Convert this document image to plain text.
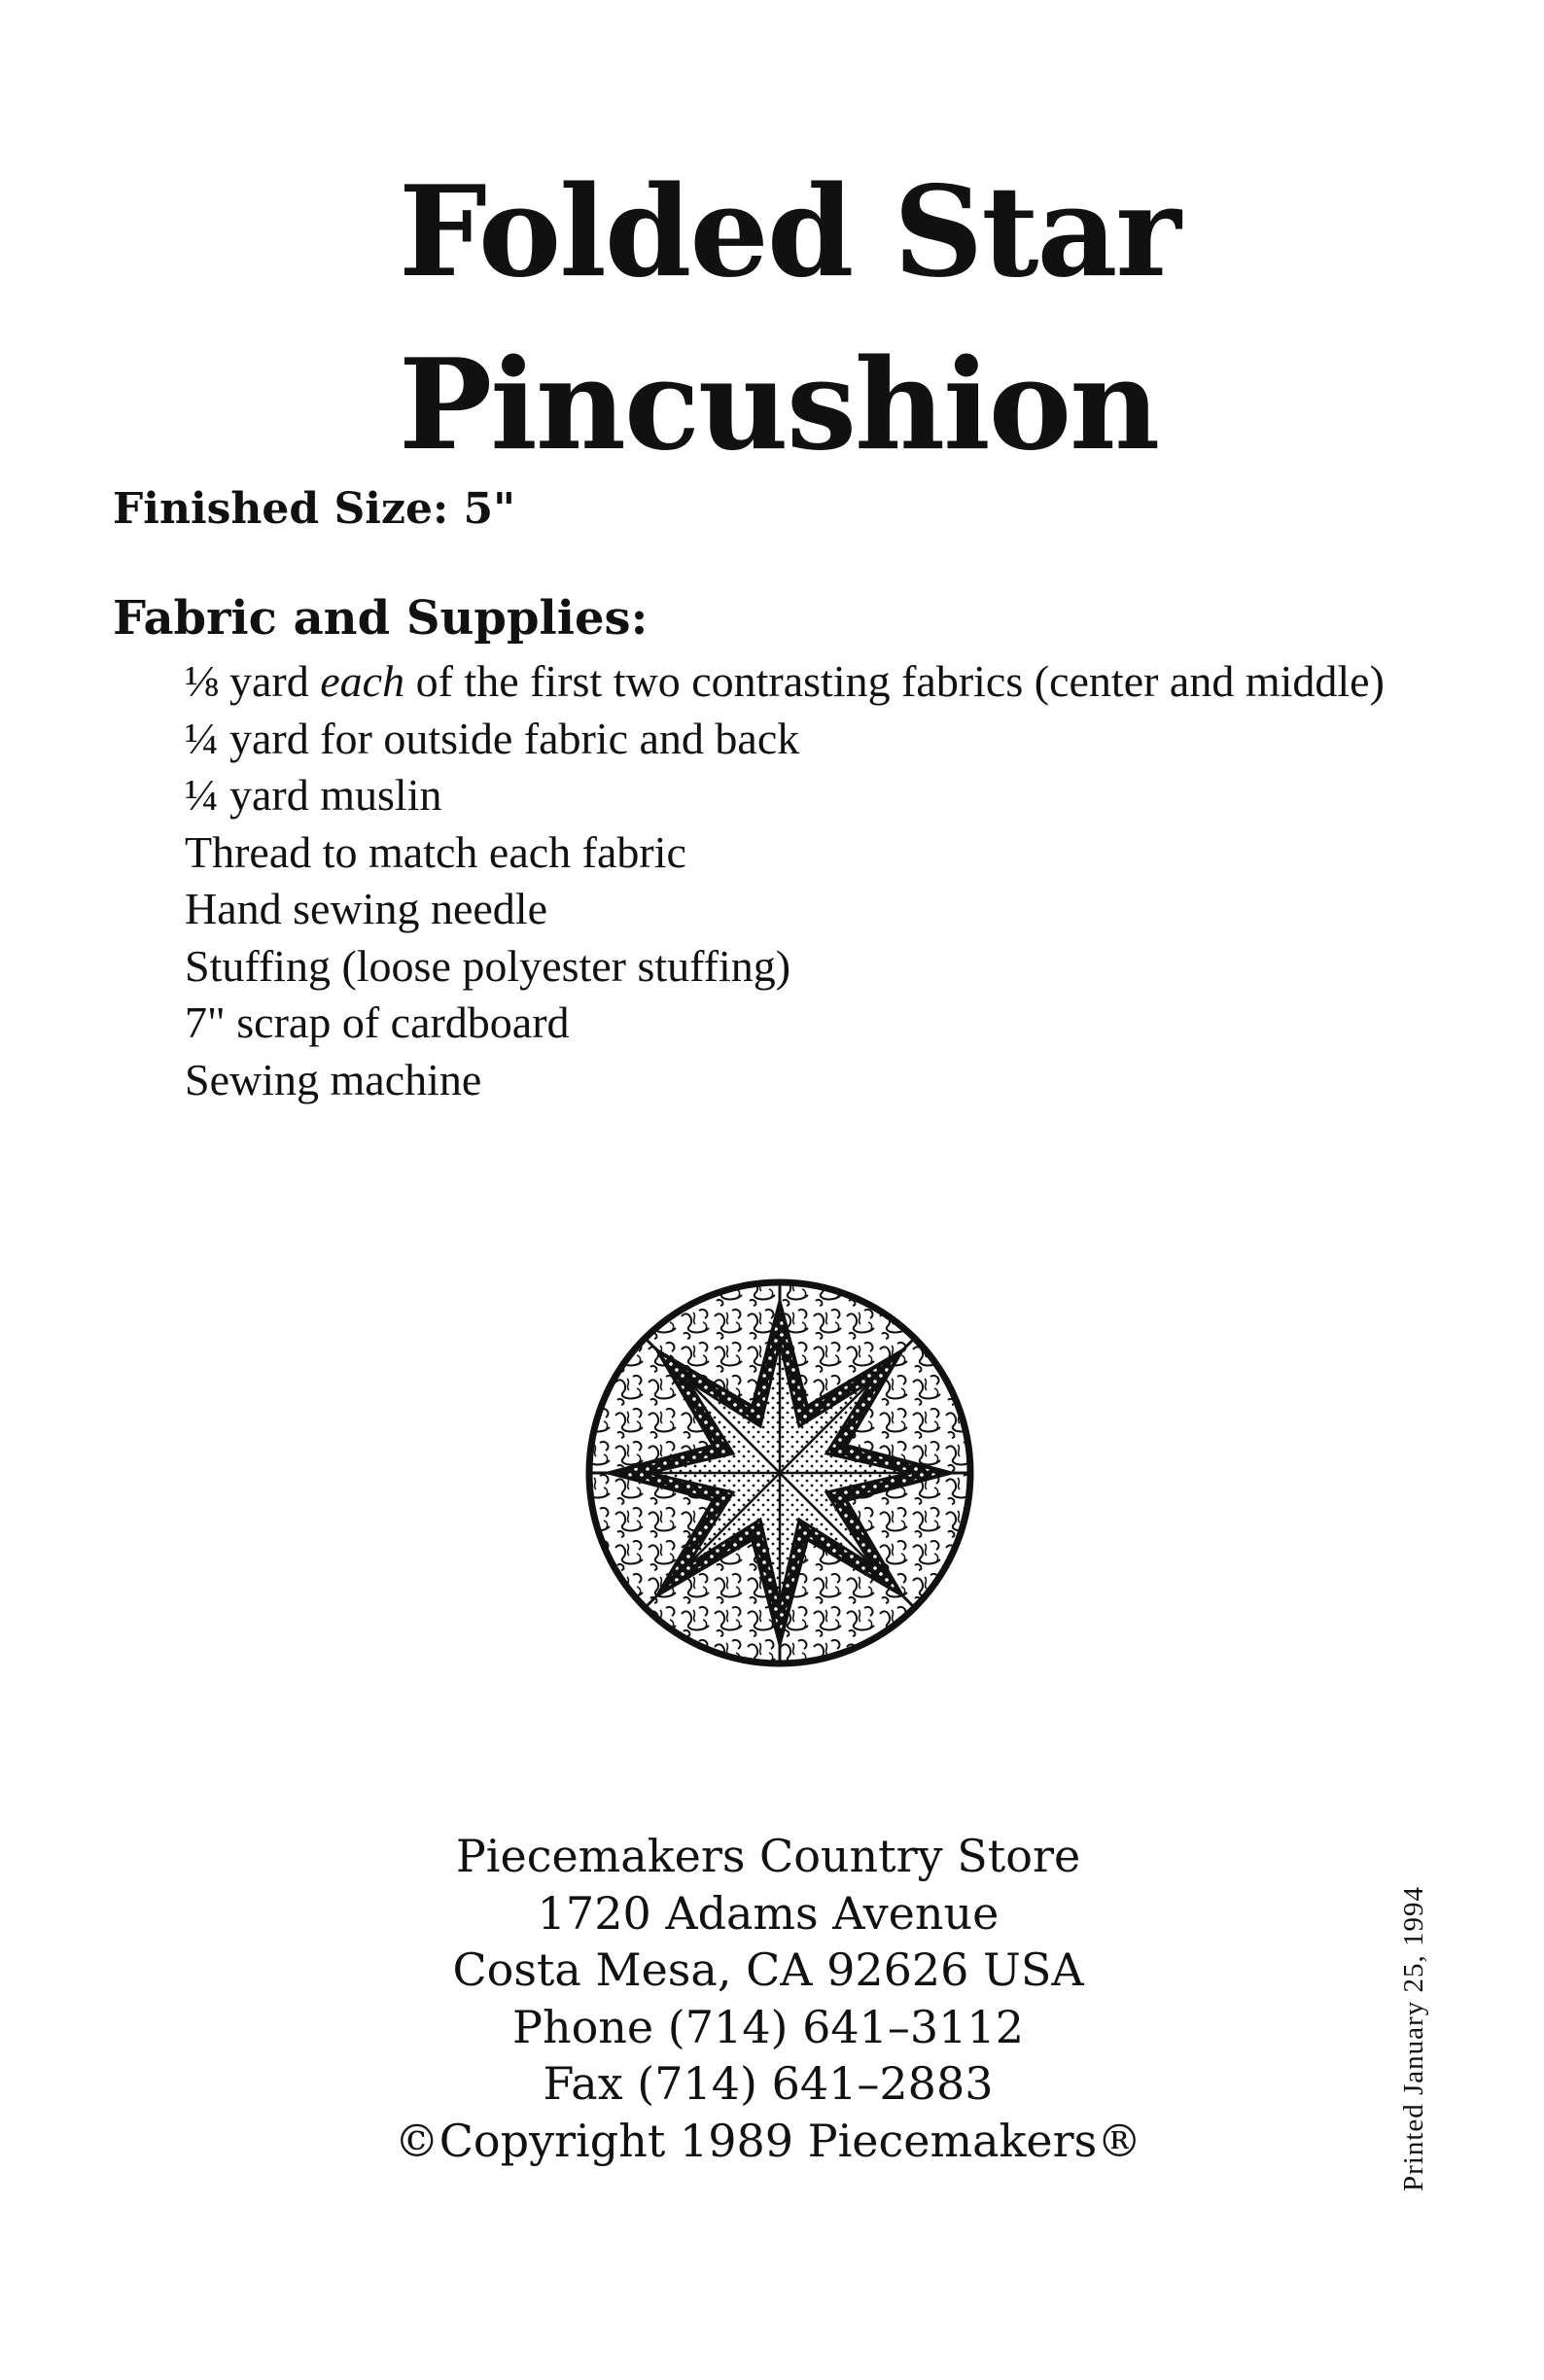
Folded Star
Pincushion
Finished Size: 5"
Fabric and Supplies:
⅛ yard each of the first two contrasting fabrics (center and middle)
¼ yard for outside fabric and back
¼ yard muslin
Thread to match each fabric
Hand sewing needle
Stuffing (loose polyester stuffing)
7" scrap of cardboard
Sewing machine
Piecemakers Country Store
1720 Adams Avenue
Costa Mesa, CA 92626 USA
Phone (714) 641–3112
Fax (714) 641–2883
©Copyright 1989 Piecemakers®	Printed January 25, 1994
